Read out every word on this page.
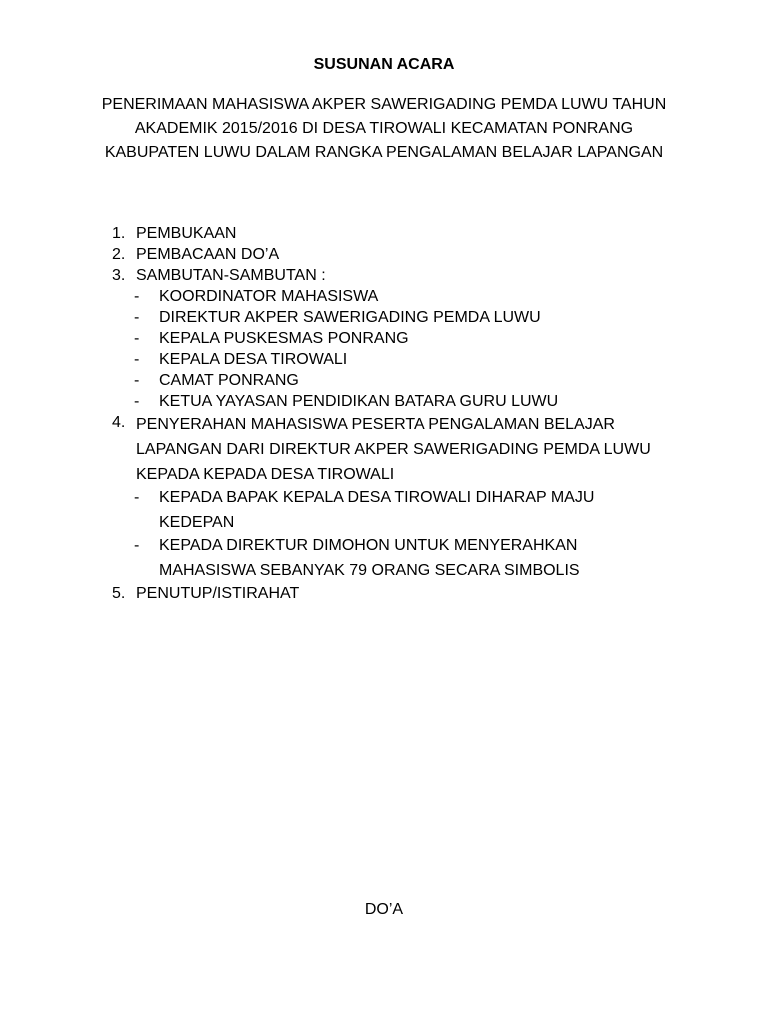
SUSUNAN ACARA
PENERIMAAN MAHASISWA AKPER SAWERIGADING PEMDA LUWU TAHUN AKADEMIK 2015/2016 DI DESA TIROWALI KECAMATAN PONRANG KABUPATEN LUWU DALAM RANGKA PENGALAMAN BELAJAR LAPANGAN
1. PEMBUKAAN
2. PEMBACAAN DO’A
3. SAMBUTAN-SAMBUTAN :
- KOORDINATOR MAHASISWA
- DIREKTUR AKPER SAWERIGADING PEMDA LUWU
- KEPALA PUSKESMAS PONRANG
- KEPALA DESA TIROWALI
- CAMAT PONRANG
- KETUA YAYASAN PENDIDIKAN BATARA GURU LUWU
4. PENYERAHAN MAHASISWA PESERTA PENGALAMAN BELAJAR LAPANGAN DARI DIREKTUR AKPER SAWERIGADING PEMDA LUWU KEPADA KEPADA DESA TIROWALI
- KEPADA BAPAK KEPALA DESA TIROWALI DIHARAP MAJU KEDEPAN
- KEPADA DIREKTUR DIMOHON UNTUK MENYERAHKAN MAHASISWA SEBANYAK 79 ORANG SECARA SIMBOLIS
5. PENUTUP/ISTIRAHAT
DO’A
